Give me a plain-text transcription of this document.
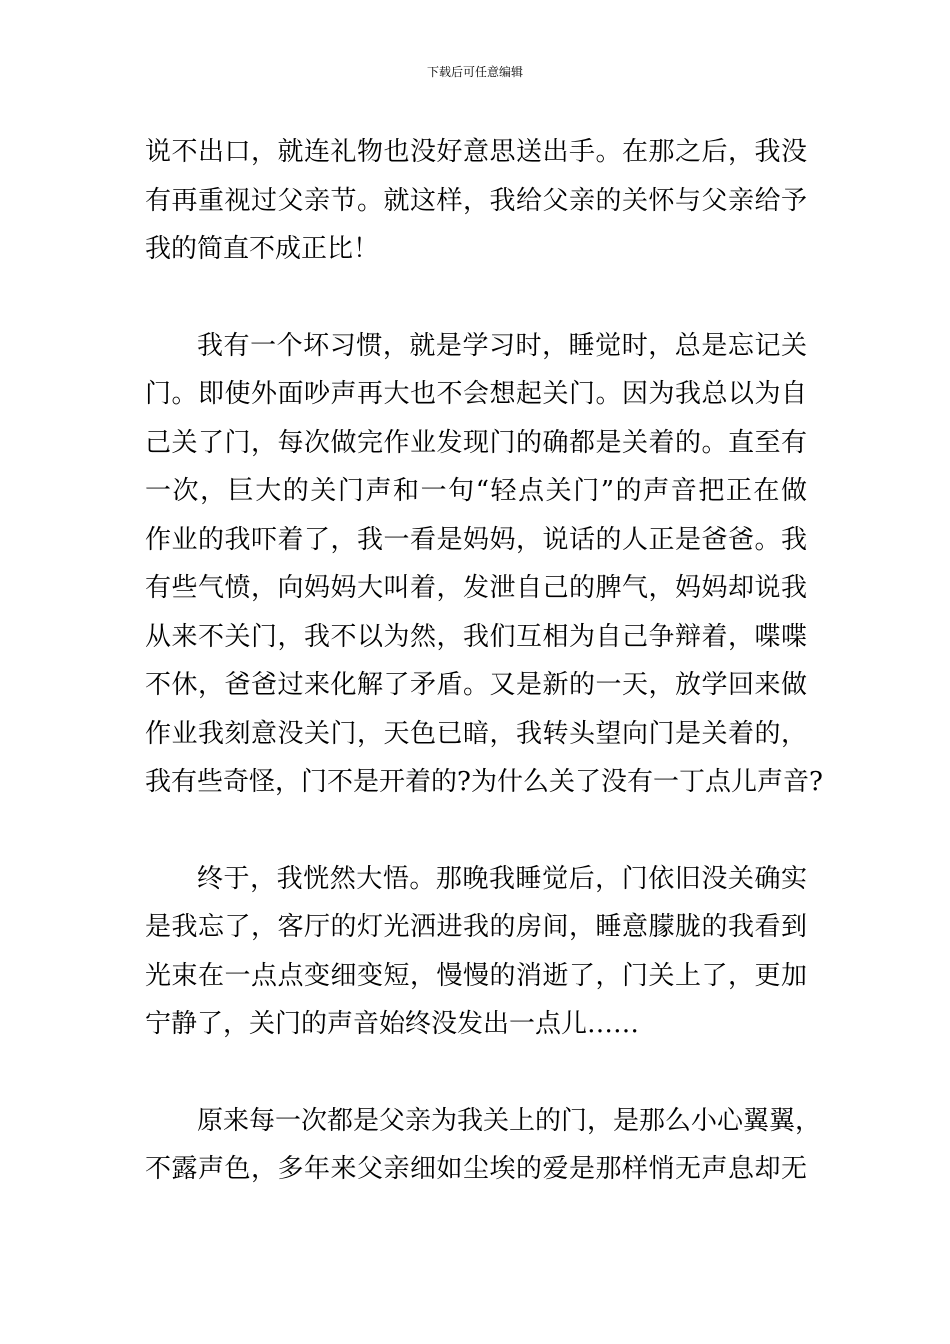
下载后可任意编辑
说不出口，就连礼物也没好意思送出手。在那之后，我没
有再重视过父亲节。就这样，我给父亲的关怀与父亲给予
我的简直不成正比！
我有一个坏习惯，就是学习时，睡觉时，总是忘记关
门。即使外面吵声再大也不会想起关门。因为我总以为自
己关了门，每次做完作业发现门的确都是关着的。直至有
一次，巨大的关门声和一句“轻点关门”的声音把正在做
作业的我吓着了，我一看是妈妈，说话的人正是爸爸。我
有些气愤，向妈妈大叫着，发泄自己的脾气，妈妈却说我
从来不关门，我不以为然，我们互相为自己争辩着，喋喋
不休，爸爸过来化解了矛盾。又是新的一天，放学回来做
作业我刻意没关门，天色已暗，我转头望向门是关着的，
我有些奇怪，门不是开着的?为什么关了没有一丁点儿声音?
终于，我恍然大悟。那晚我睡觉后，门依旧没关确实
是我忘了，客厅的灯光洒进我的房间，睡意朦胧的我看到
光束在一点点变细变短，慢慢的消逝了，门关上了，更加
宁静了，关门的声音始终没发出一点儿……
原来每一次都是父亲为我关上的门，是那么小心翼翼，
不露声色，多年来父亲细如尘埃的爱是那样悄无声息却无
